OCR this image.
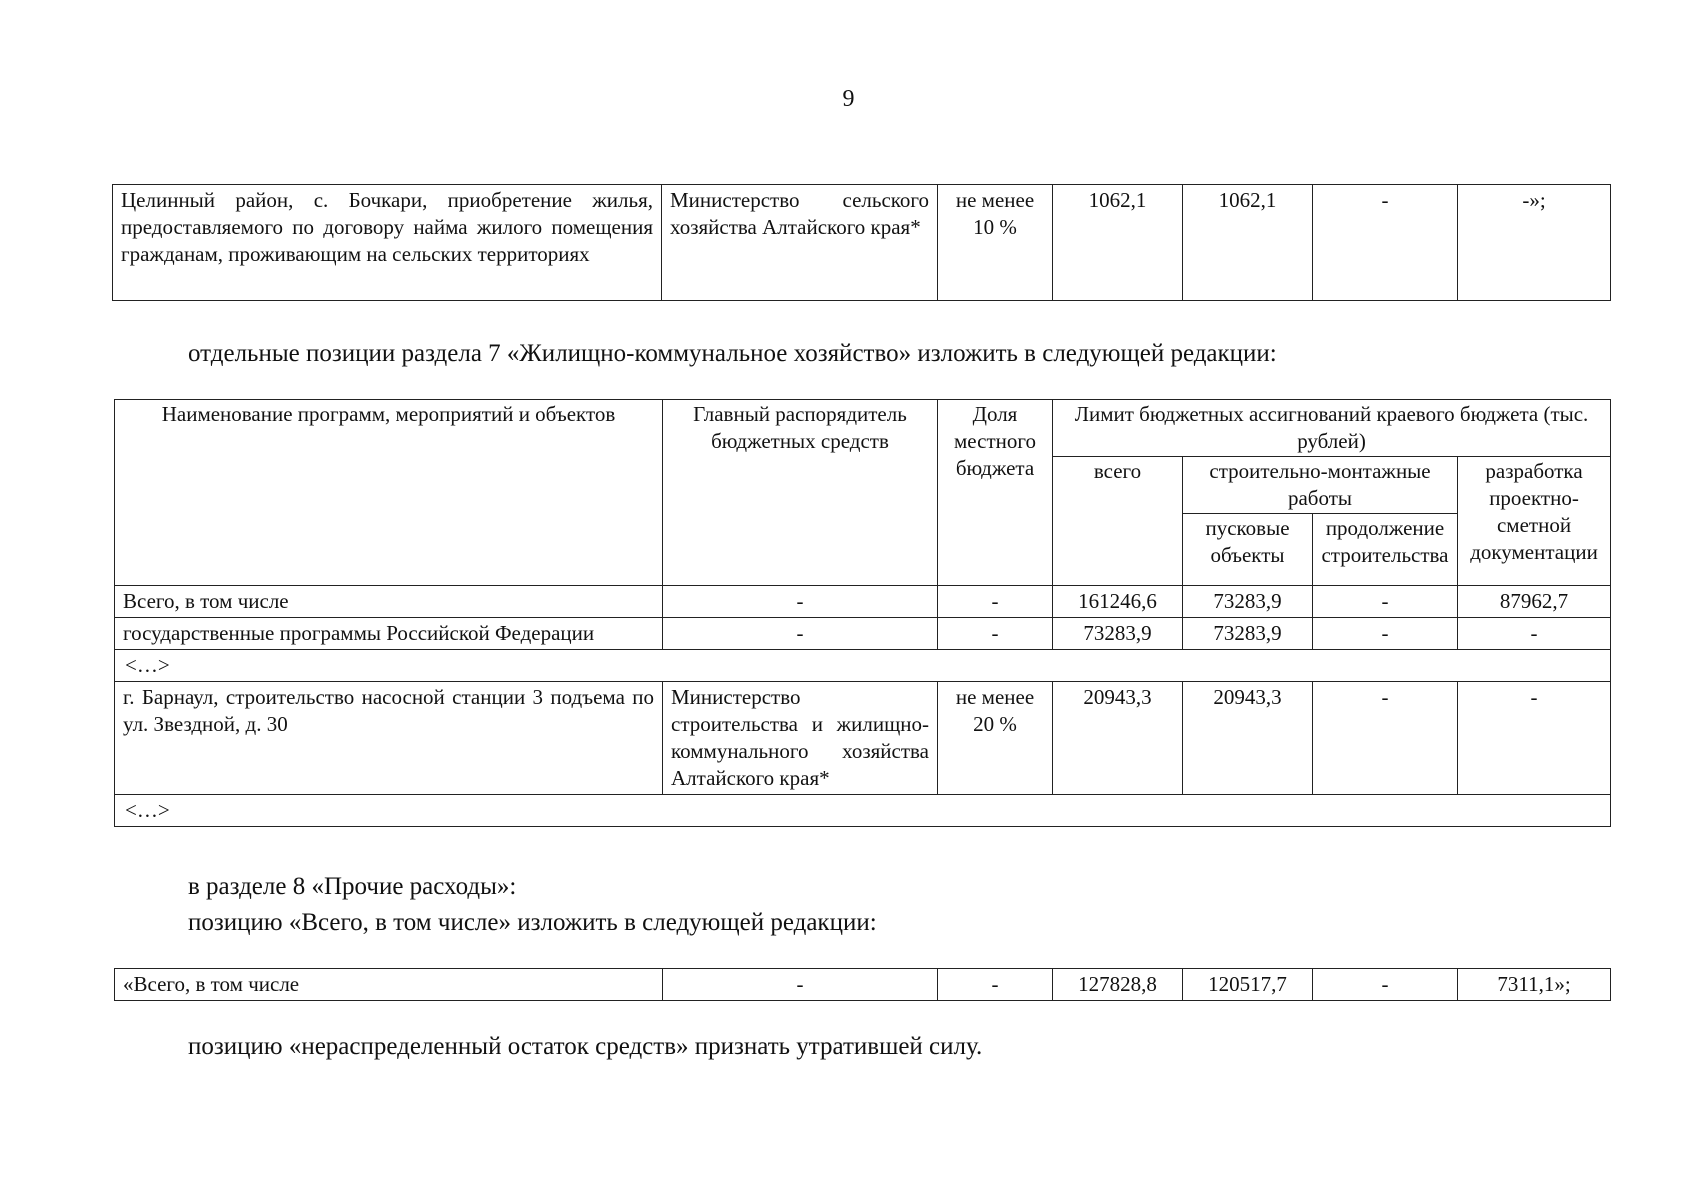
9
Целинный район, с. Бочкари, приобретение жилья, предоставляемого по договору найма жилого помещения гражданам, проживающим на сельских территориях	Министерство сельского хозяйства Алтайского края*	не менее 10 %	1062,1	1062,1	-	-»;

отдельные позиции раздела 7 «Жилищно-коммунальное хозяйство» изложить в следующей редакции:

Наименование программ, мероприятий и объектов	Главный распорядитель бюджетных средств	Доля местного бюджета	Лимит бюджетных ассигнований краевого бюджета (тыс. рублей)			
			всего	строительно-монтажные работы		разработка проектно-сметной документации
				пусковые объекты	продолжение строительства	
Всего, в том числе	-	-	161246,6	73283,9	-	87962,7
государственные программы Российской Федерации	-	-	73283,9	73283,9	-	-
<…>						
г. Барнаул, строительство насосной станции 3 подъема по ул. Звездной, д. 30	Министерство строительства и жилищно-коммунального хозяйства Алтайского края*	не менее 20 %	20943,3	20943,3	-	-
<…>						

в разделе 8 «Прочие расходы»:
позицию «Всего, в том числе» изложить в следующей редакции:

«Всего, в том числе	-	-	127828,8	120517,7	-	7311,1»;

позицию «нераспределенный остаток средств» признать утратившей силу.
